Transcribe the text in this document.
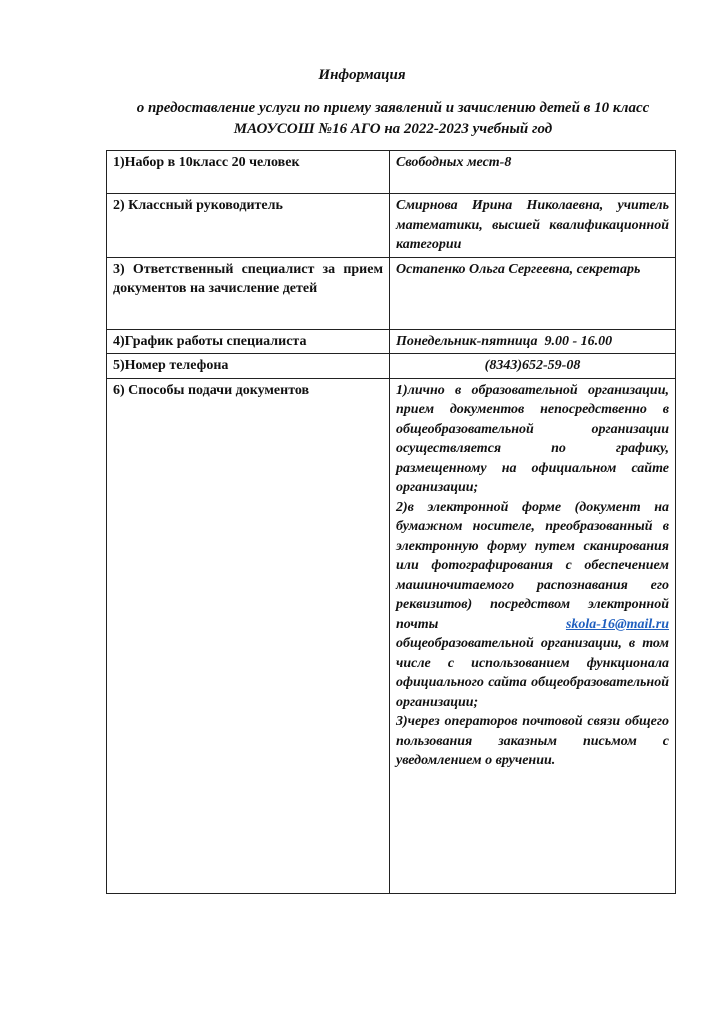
Информация

о предоставление услуги по приему заявлений и зачислению детей в 10 класс МАОУСОШ №16 АГО на 2022-2023 учебный год

1)Набор в 10класс 20 человек	Свободных мест-8
2) Классный руководитель	Смирнова Ирина Николаевна, учитель математики, высшей квалификационной категории
3) Ответственный специалист за прием документов на зачисление детей	Остапенко Ольга Сергеевна, секретарь
4)График работы специалиста	Понедельник-пятница  9.00 - 16.00
5)Номер телефона	(8343)652-59-08
6) Способы подачи документов	1)лично в образовательной организации, прием документов непосредственно в общеобразовательной организации осуществляется по графику, размещенному на официальном сайте организации;
2)в электронной форме (документ на бумажном носителе, преобразованный в электронную форму путем сканирования или фотографирования с обеспечением машиночитаемого распознавания его реквизитов) посредством электронной почты skola-16@mail.ru общеобразовательной организации, в том числе с использованием функционала официального сайта общеобразовательной организации;
3)через операторов почтовой связи общего пользования заказным письмом с уведомлением о вручении.
